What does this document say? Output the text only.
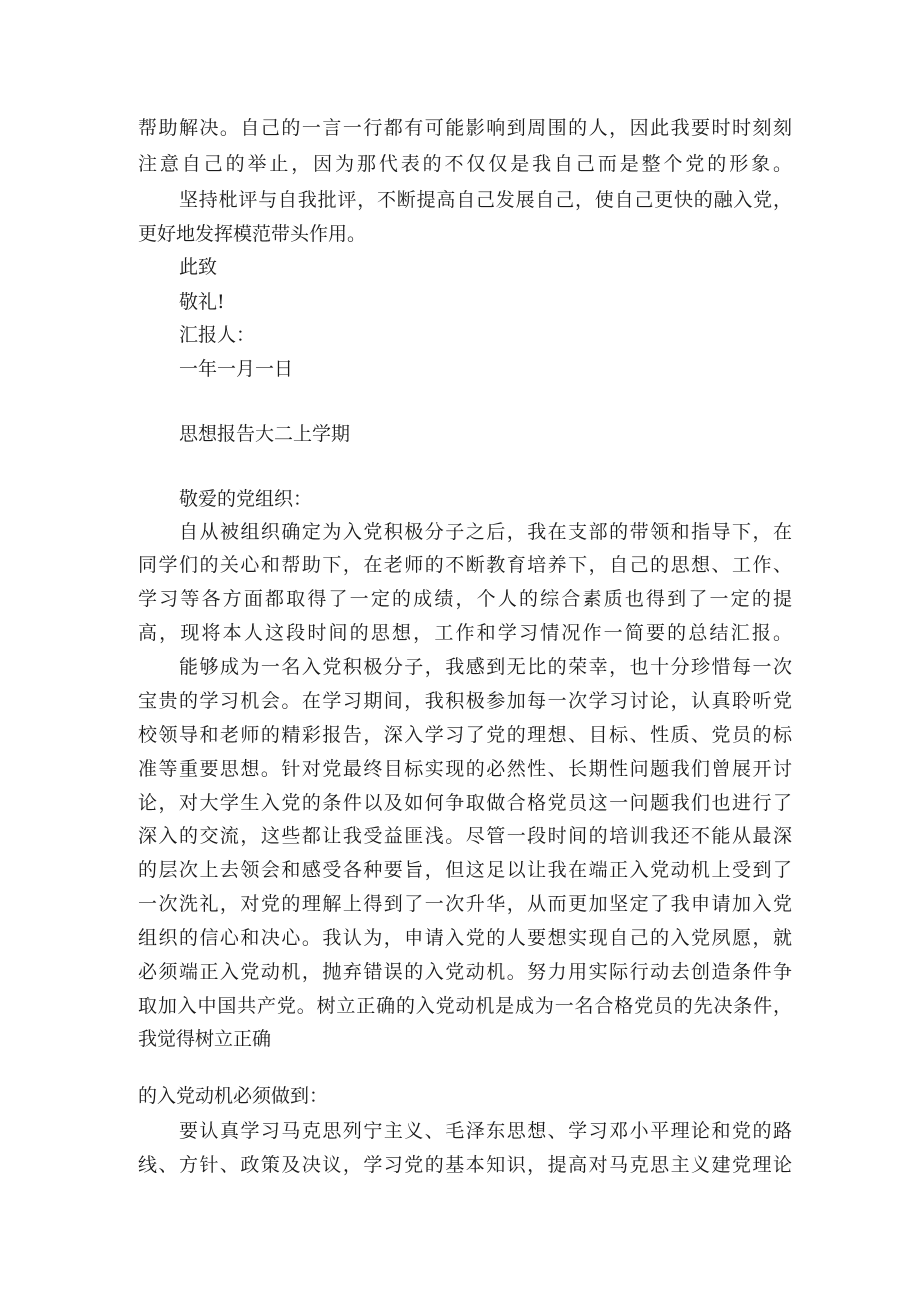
帮助解决。自己的一言一行都有可能影响到周围的人，因此我要时时刻刻
注意自己的举止，因为那代表的不仅仅是我自己而是整个党的形象。
坚持枇评与自我批评，不断提高自己发展自己，使自己更快的融入党，
更好地发挥模范带头作用。
此致
敬礼!
汇报人：
一年一月一日
思想报告大二上学期
敬爱的党组织：
自从被组织确定为入党积极分子之后，我在支部的带领和指导下，在
同学们的关心和帮助下，在老师的不断教育培养下，自己的思想、工作、
学习等各方面都取得了一定的成绩，个人的综合素质也得到了一定的提
高，现将本人这段时间的思想，工作和学习情况作一简要的总结汇报。
能够成为一名入党积极分子，我感到无比的荣幸，也十分珍惜每一次
宝贵的学习机会。在学习期间，我积极参加每一次学习讨论，认真聆听党
校领导和老师的精彩报告，深入学习了党的理想、目标、性质、党员的标
准等重要思想。针对党最终目标实现的必然性、长期性问题我们曾展开讨
论，对大学生入党的条件以及如何争取做合格党员这一问题我们也进行了
深入的交流，这些都让我受益匪浅。尽管一段时间的培训我还不能从最深
的层次上去领会和感受各种要旨，但这足以让我在端正入党动机上受到了
一次洗礼，对党的理解上得到了一次升华，从而更加坚定了我申请加入党
组织的信心和决心。我认为，申请入党的人要想实现自己的入党夙愿，就
必须端正入党动机，抛弃错误的入党动机。努力用实际行动去创造条件争
取加入中国共产党。树立正确的入党动机是成为一名合格党员的先决条件，
我觉得树立正确
的入党动机必须做到：
要认真学习马克思列宁主义、毛泽东思想、学习邓小平理论和党的路
线、方针、政策及决议，学习党的基本知识，提高对马克思主义建党理论
